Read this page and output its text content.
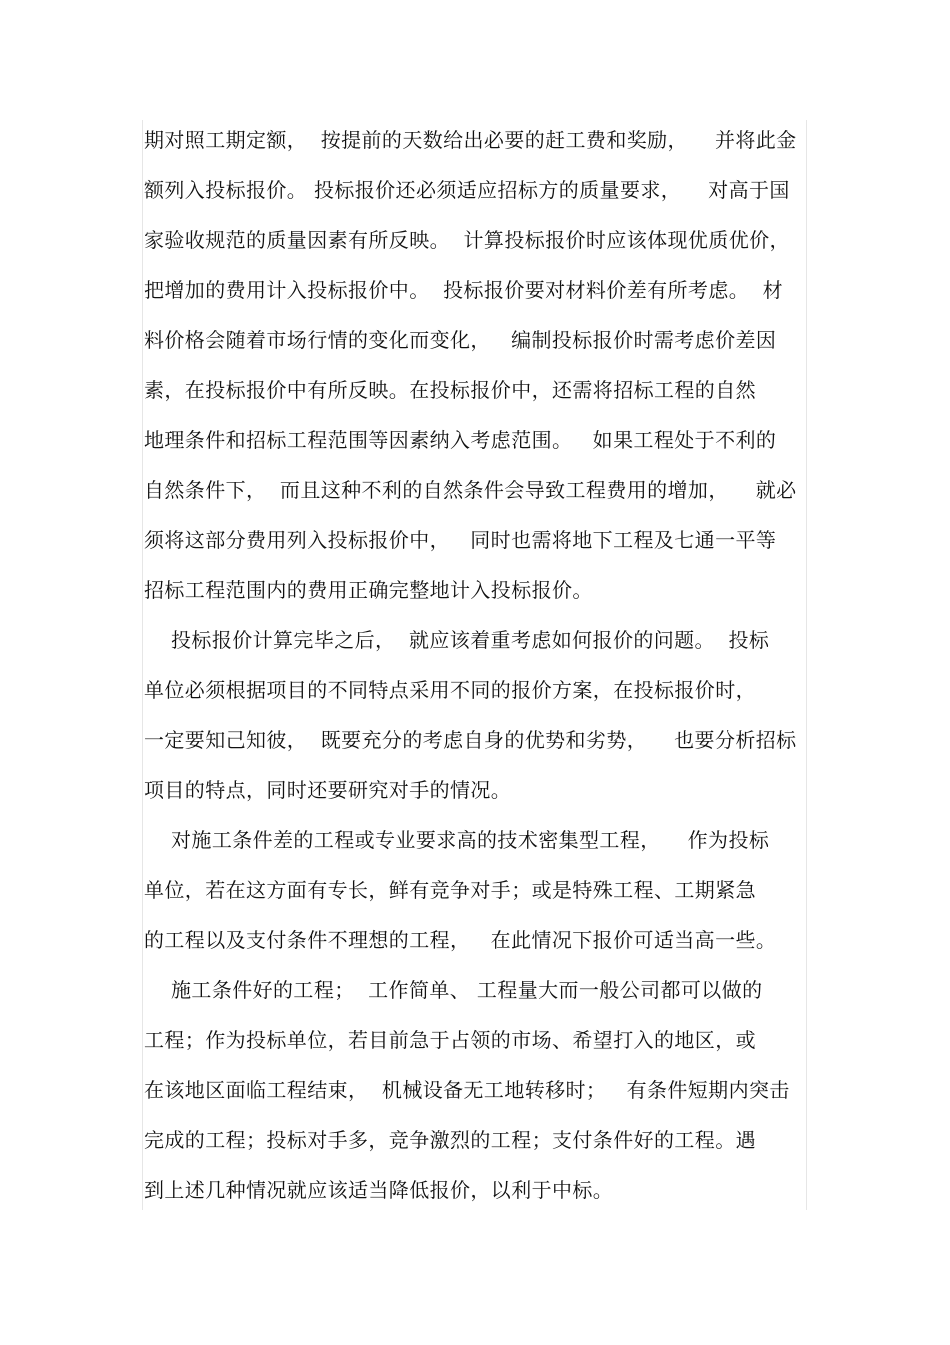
期对照工期定额，  按提前的天数给出必要的赶工费和奖励，    并将此金
额列入投标报价。 投标报价还必须适应招标方的质量要求，    对高于国
家验收规范的质量因素有所反映。  计算投标报价时应该体现优质优价，
把增加的费用计入投标报价中。  投标报价要对材料价差有所考虑。  材
料价格会随着市场行情的变化而变化，   编制投标报价时需考虑价差因
素，在投标报价中有所反映。在投标报价中，还需将招标工程的自然
地理条件和招标工程范围等因素纳入考虑范围。   如果工程处于不利的
自然条件下，  而且这种不利的自然条件会导致工程费用的增加，    就必
须将这部分费用列入投标报价中，   同时也需将地下工程及七通一平等
招标工程范围内的费用正确完整地计入投标报价。
投标报价计算完毕之后，  就应该着重考虑如何报价的问题。  投标
单位必须根据项目的不同特点采用不同的报价方案，在投标报价时，
一定要知己知彼，  既要充分的考虑自身的优势和劣势，    也要分析招标
项目的特点，同时还要研究对手的情况。
对施工条件差的工程或专业要求高的技术密集型工程，    作为投标
单位，若在这方面有专长，鲜有竞争对手；或是特殊工程、工期紧急
的工程以及支付条件不理想的工程，   在此情况下报价可适当高一些。
施工条件好的工程；  工作简单、 工程量大而一般公司都可以做的
工程；作为投标单位，若目前急于占领的市场、希望打入的地区，或
在该地区面临工程结束，  机械设备无工地转移时；   有条件短期内突击
完成的工程；投标对手多，竞争激烈的工程；支付条件好的工程。遇
到上述几种情况就应该适当降低报价，以利于中标。
